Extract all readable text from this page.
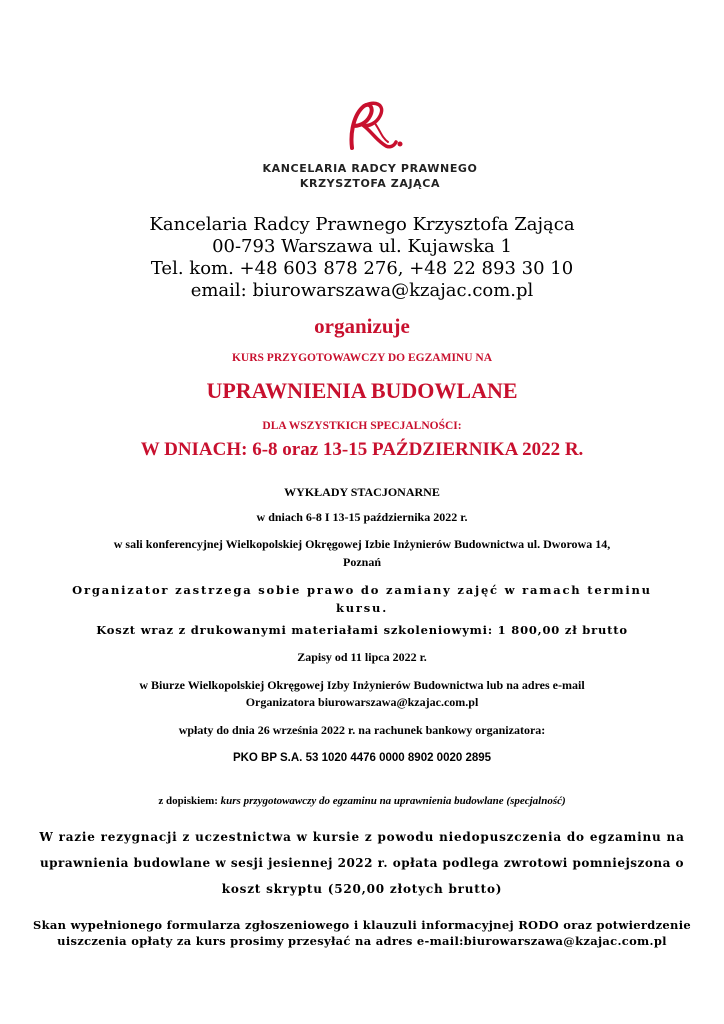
KANCELARIA RADCY PRAWNEGO
KRZYSZTOFA ZAJĄCA
Kancelaria Radcy Prawnego Krzysztofa Zająca
00-793 Warszawa ul. Kujawska 1
Tel. kom. +48 603 878 276, +48 22 893 30 10
email: biurowarszawa@kzajac.com.pl
organizuje
KURS PRZYGOTOWAWCZY DO EGZAMINU NA
UPRAWNIENIA BUDOWLANE
DLA WSZYSTKICH SPECJALNOŚCI:
W DNIACH: 6-8 oraz 13-15 PAŹDZIERNIKA 2022 R.
WYKŁADY STACJONARNE
w dniach 6-8 I 13-15 października 2022 r.
w sali konferencyjnej Wielkopolskiej Okręgowej Izbie Inżynierów Budownictwa ul. Dworowa 14,
Poznań
Organizator zastrzega sobie prawo do zamiany zajęć w ramach terminu
kursu.
Koszt wraz z drukowanymi materiałami szkoleniowymi: 1 800,00 zł brutto
Zapisy od 11 lipca 2022 r.
w Biurze Wielkopolskiej Okręgowej Izby Inżynierów Budownictwa lub na adres e-mail
Organizatora biurowarszawa@kzajac.com.pl
wpłaty do dnia 26 września 2022 r. na rachunek bankowy organizatora:
PKO BP S.A. 53 1020 4476 0000 8902 0020 2895
z dopiskiem: kurs przygotowawczy do egzaminu na uprawnienia budowlane (specjalność)
W razie rezygnacji z uczestnictwa w kursie z powodu niedopuszczenia do egzaminu na
uprawnienia budowlane w sesji jesiennej 2022 r. opłata podlega zwrotowi pomniejszona o
koszt skryptu (520,00 złotych brutto)
Skan wypełnionego formularza zgłoszeniowego i klauzuli informacyjnej RODO oraz potwierdzenie
uiszczenia opłaty za kurs prosimy przesyłać na adres e-mail:biurowarszawa@kzajac.com.pl
